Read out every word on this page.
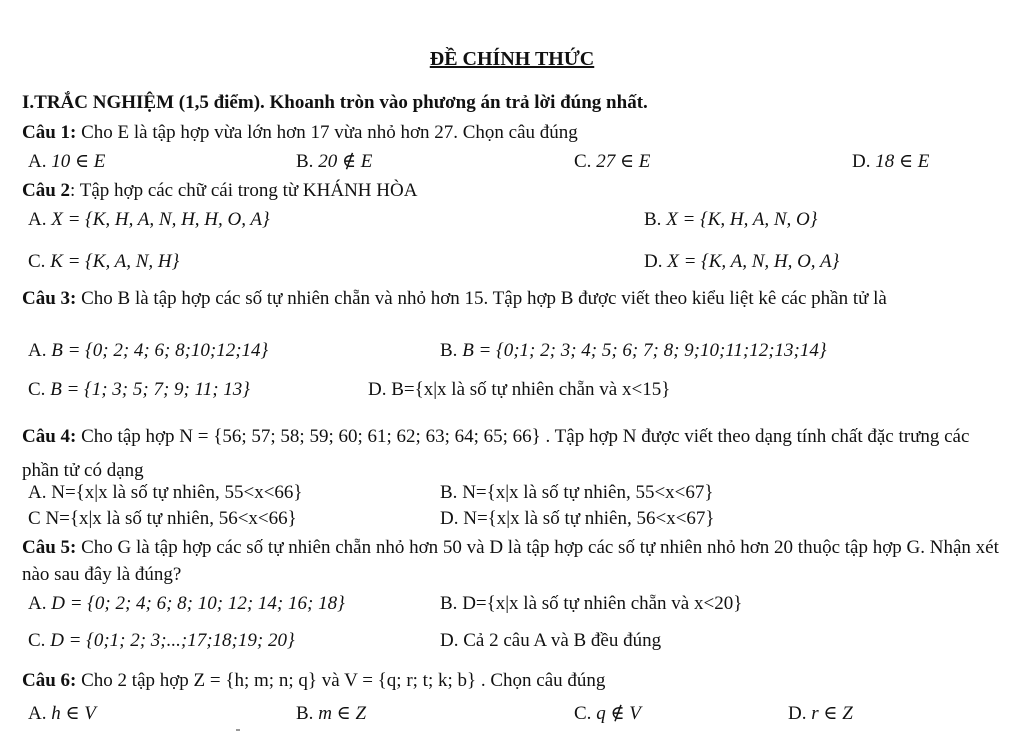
ĐỀ CHÍNH THỨC
I.TRẮC NGHIỆM (1,5 điểm). Khoanh tròn vào phương án trả lời đúng nhất.
Câu 1: Cho E là tập hợp vừa lớn hơn 17 vừa nhỏ hơn 27. Chọn câu đúng
A. 10 ∈ E	B. 20 ∉ E	C. 27 ∈ E	D. 18 ∈ E
Câu 2: Tập hợp các chữ cái trong từ KHÁNH HÒA
A. X = {K, H, A, N, H, H, O, A}	B. X = {K, H, A, N, O}
C. K = {K, A, N, H}	D. X = {K, A, N, H, O, A}
Câu 3: Cho B là tập hợp các số tự nhiên chẵn và nhỏ hơn 15. Tập hợp B được viết theo kiểu liệt kê các phần tử là
A. B = {0; 2; 4; 6; 8;10;12;14}	B. B = {0;1; 2; 3; 4; 5; 6; 7; 8; 9;10;11;12;13;14}
C. B = {1; 3; 5; 7; 9; 11; 13}	D. B={x|x là số tự nhiên chẵn và x<15}
Câu 4: Cho tập hợp N = {56; 57; 58; 59; 60; 61; 62; 63; 64; 65; 66} . Tập hợp N được viết theo dạng tính chất đặc trưng các phần tử có dạng
A. N={x|x là số tự nhiên, 55<x<66}	B. N={x|x là số tự nhiên, 55<x<67}
C N={x|x là số tự nhiên, 56<x<66}	D. N={x|x là số tự nhiên, 56<x<67}
Câu 5: Cho G là tập hợp các số tự nhiên chẵn nhỏ hơn 50 và D là tập hợp các số tự nhiên nhỏ hơn 20 thuộc tập hợp G. Nhận xét nào sau đây là đúng?
A. D = {0; 2; 4; 6; 8; 10; 12; 14; 16; 18}	B. D={x|x là số tự nhiên chẵn và x<20}
C. D = {0;1; 2; 3;...;17;18;19; 20}	D. Cả 2 câu A và B đều đúng
Câu 6: Cho 2 tập hợp Z = {h; m; n; q} và V = {q; r; t; k; b} . Chọn câu đúng
A. h ∈ V	B. m ∈ Z	C. q ∉ V	D. r ∈ Z
